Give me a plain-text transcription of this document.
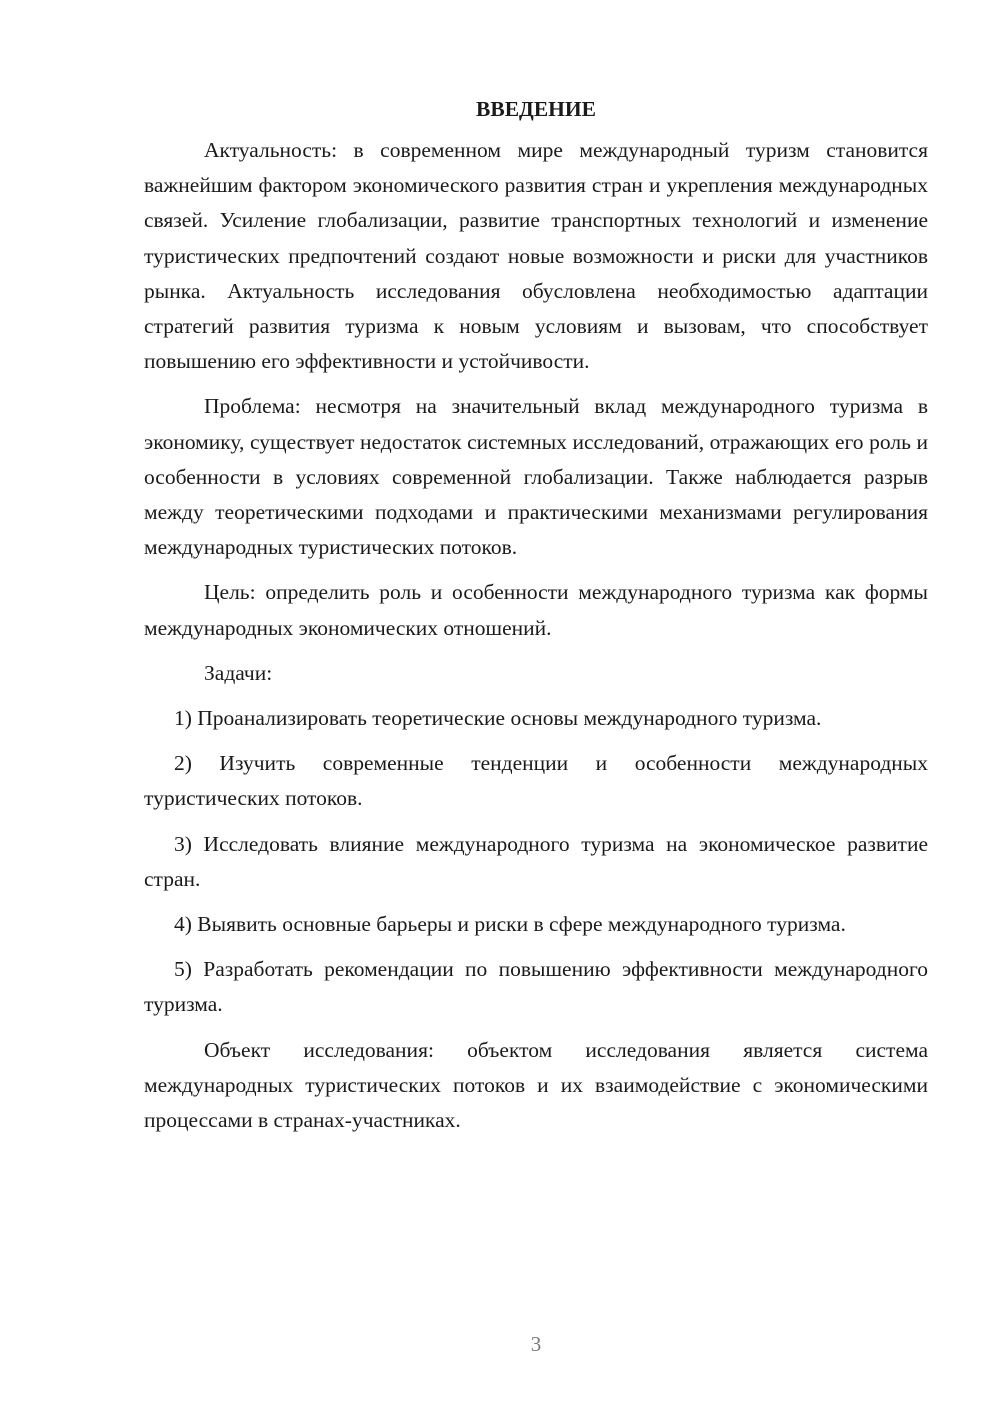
ВВЕДЕНИЕ

Актуальность: в современном мире международный туризм становится важнейшим фактором экономического развития стран и укрепления международных связей. Усиление глобализации, развитие транспортных технологий и изменение туристических предпочтений создают новые возможности и риски для участников рынка. Актуальность исследования обусловлена необходимостью адаптации стратегий развития туризма к новым условиям и вызовам, что способствует повышению его эффективности и устойчивости.

Проблема: несмотря на значительный вклад международного туризма в экономику, существует недостаток системных исследований, отражающих его роль и особенности в условиях современной глобализации. Также наблюдается разрыв между теоретическими подходами и практическими механизмами регулирования международных туристических потоков.

Цель: определить роль и особенности международного туризма как формы международных экономических отношений.

Задачи:

1) Проанализировать теоретические основы международного туризма.

2) Изучить современные тенденции и особенности международных туристических потоков.

3) Исследовать влияние международного туризма на экономическое развитие стран.

4) Выявить основные барьеры и риски в сфере международного туризма.

5) Разработать рекомендации по повышению эффективности международного туризма.

Объект исследования: объектом исследования является система международных туристических потоков и их взаимодействие с экономическими процессами в странах-участниках.

3
